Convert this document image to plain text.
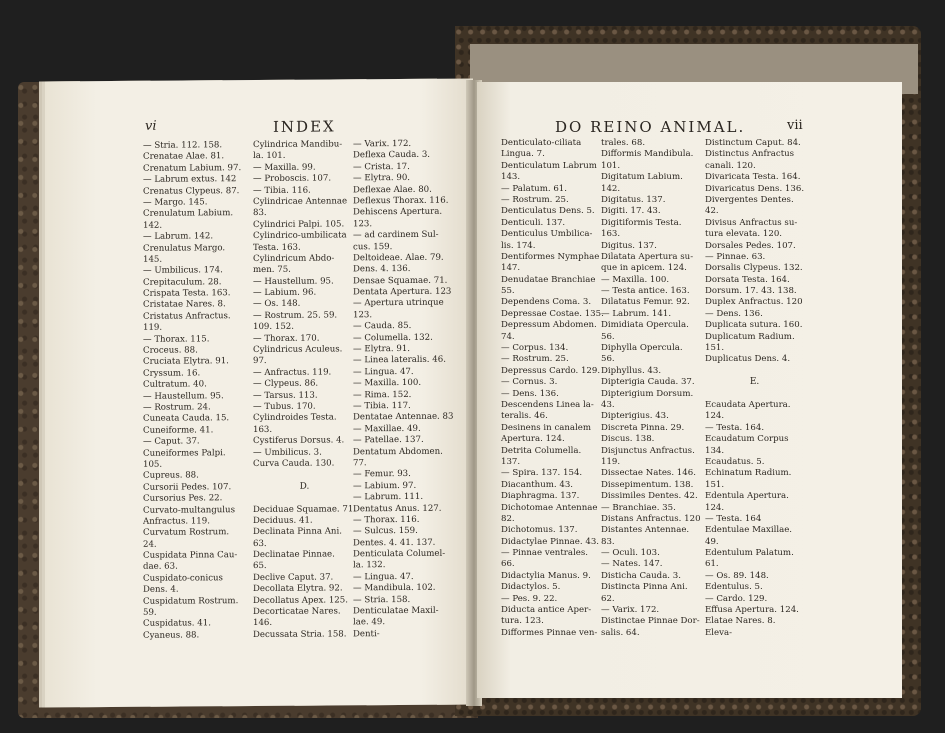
vi	INDEX
— Stria. 112. 158.
Crenatae Alae. 81.
Crenatum Labium. 97.
— Labrum extus. 142
Crenatus Clypeus. 87.
— Margo. 145.
Crenulatum Labium.
142.
— Labrum. 142.
Crenulatus Margo.
145.
— Umbilicus. 174.
Crepitaculum. 28.
Crispata Testa. 163.
Cristatae Nares. 8.
Cristatus Anfractus.
119.
— Thorax. 115.
Croceus. 88.
Cruciata Elytra. 91.
Cryssum. 16.
Cultratum. 40.
— Haustellum. 95.
— Rostrum. 24.
Cuneata Cauda. 15.
Cuneiforme. 41.
— Caput. 37.
Cuneiformes Palpi.
105.
Cupreus. 88.
Cursorii Pedes. 107.
Cursorius Pes. 22.
Curvato-multangulus
Anfractus. 119.
Curvatum Rostrum.
24.
Cuspidata Pinna Cau-
dae. 63.
Cuspidato-conicus
Dens. 4.
Cuspidatum Rostrum.
59.
Cuspidatus. 41.
Cyaneus. 88.
Cylindrica Mandibu-
la. 101.
— Maxilla. 99.
— Proboscis. 107.
— Tibia. 116.
Cylindricae Antennae
83.
Cylindrici Palpi. 105.
Cylindrico-umbilicata
Testa. 163.
Cylindricum Abdo-
men. 75.
— Haustellum. 95.
— Labium. 96.
— Os. 148.
— Rostrum. 25. 59.
109. 152.
— Thorax. 170.
Cylindricus Aculeus.
97.
— Anfractus. 119.
— Clypeus. 86.
— Tarsus. 113.
— Tubus. 170.
Cylindroides Testa.
163.
Cystiferus Dorsus. 4.
— Umbilicus. 3.
Curva Cauda. 130.
D.
Deciduae Squamae. 71.
Deciduus. 41.
Declinata Pinna Ani.
63.
Declinatae Pinnae.
65.
Declive Caput. 37.
Decollata Elytra. 92.
Decollatus Apex. 125.
Decorticatae Nares.
146.
Decussata Stria. 158.
— Varix. 172.
Deflexa Cauda. 3.
— Crista. 17.
— Elytra. 90.
Deflexae Alae. 80.
Deflexus Thorax. 116.
Dehiscens Apertura.
123.
— ad cardinem Sul-
cus. 159.
Deltoideae. Alae. 79.
Dens. 4. 136.
Densae Squamae. 71.
Dentata Apertura. 123
— Apertura utrinque
123.
— Cauda. 85.
— Columella. 132.
— Elytra. 91.
— Linea lateralis. 46.
— Lingua. 47.
— Maxilla. 100.
— Rima. 152.
— Tibia. 117.
Dentatae Antennae. 83
— Maxillae. 49.
— Patellae. 137.
Dentatum Abdomen.
77.
— Femur. 93.
— Labium. 97.
— Labrum. 111.
Dentatus Anus. 127.
— Thorax. 116.
— Sulcus. 159.
Dentes. 4. 41. 137.
Denticulata Columel-
la. 132.
— Lingua. 47.
— Mandibula. 102.
— Stria. 158.
Denticulatae Maxil-
lae. 49.
Denti-
DO REINO ANIMAL.	vii
Denticulato-ciliata
Lingua. 7.
Denticulatum Labrum
143.
— Palatum. 61.
— Rostrum. 25.
Denticulatus Dens. 5.
Denticuli. 137.
Denticulus Umbilica-
lis. 174.
Dentiformes Nymphae
147.
Denudatae Branchiae
55.
Dependens Coma. 3.
Depressae Costae. 135.
Depressum Abdomen.
74.
— Corpus. 134.
— Rostrum. 25.
Depressus Cardo. 129.
— Cornus. 3.
— Dens. 136.
Descendens Linea la-
teralis. 46.
Desinens in canalem
Apertura. 124.
Detrita Columella.
137.
— Spira. 137. 154.
Diacanthum. 43.
Diaphragma. 137.
Dichotomae Antennae
82.
Dichotomus. 137.
Didactylae Pinnae. 43.
— Pinnae ventrales.
66.
Didactylia Manus. 9.
Didactylos. 5.
— Pes. 9. 22.
Diducta antice Aper-
tura. 123.
Difformes Pinnae ven-
trales. 68.
Difformis Mandibula.
101.
Digitatum Labium.
142.
Digitatus. 137.
Digiti. 17. 43.
Digitiformis Testa.
163.
Digitus. 137.
Dilatata Apertura su-
que in apicem. 124.
— Maxilla. 100.
— Testa antice. 163.
Dilatatus Femur. 92.
— Labrum. 141.
Dimidiata Opercula.
56.
Diphylla Opercula.
56.
Diphyllus. 43.
Dipterigia Cauda. 37.
Dipterigium Dorsum.
43.
Dipterigius. 43.
Discreta Pinna. 29.
Discus. 138.
Disjunctus Anfractus.
119.
Dissectae Nates. 146.
Dissepimentum. 138.
Dissimiles Dentes. 42.
— Branchiae. 35.
Distans Anfractus. 120
Distantes Antennae.
83.
— Oculi. 103.
— Nates. 147.
Disticha Cauda. 3.
Distincta Pinna Ani.
62.
— Varix. 172.
Distinctae Pinnae Dor-
salis. 64.
Distinctum Caput. 84.
Distinctus Anfractus
canali. 120.
Divaricata Testa. 164.
Divaricatus Dens. 136.
Divergentes Dentes.
42.
Divisus Anfractus su-
tura elevata. 120.
Dorsales Pedes. 107.
— Pinnae. 63.
Dorsalis Clypeus. 132.
Dorsata Testa. 164.
Dorsum. 17. 43. 138.
Duplex Anfractus. 120
— Dens. 136.
Duplicata sutura. 160.
Duplicatum Radium.
151.
Duplicatus Dens. 4.
E.
Ecaudata Apertura.
124.
— Testa. 164.
Ecaudatum Corpus
134.
Ecaudatus. 5.
Echinatum Radium.
151.
Edentula Apertura.
124.
— Testa. 164
Edentulae Maxillae.
49.
Edentulum Palatum.
61.
— Os. 89. 148.
Edentulus. 5.
— Cardo. 129.
Effusa Apertura. 124.
Elatae Nares. 8.
Eleva-
